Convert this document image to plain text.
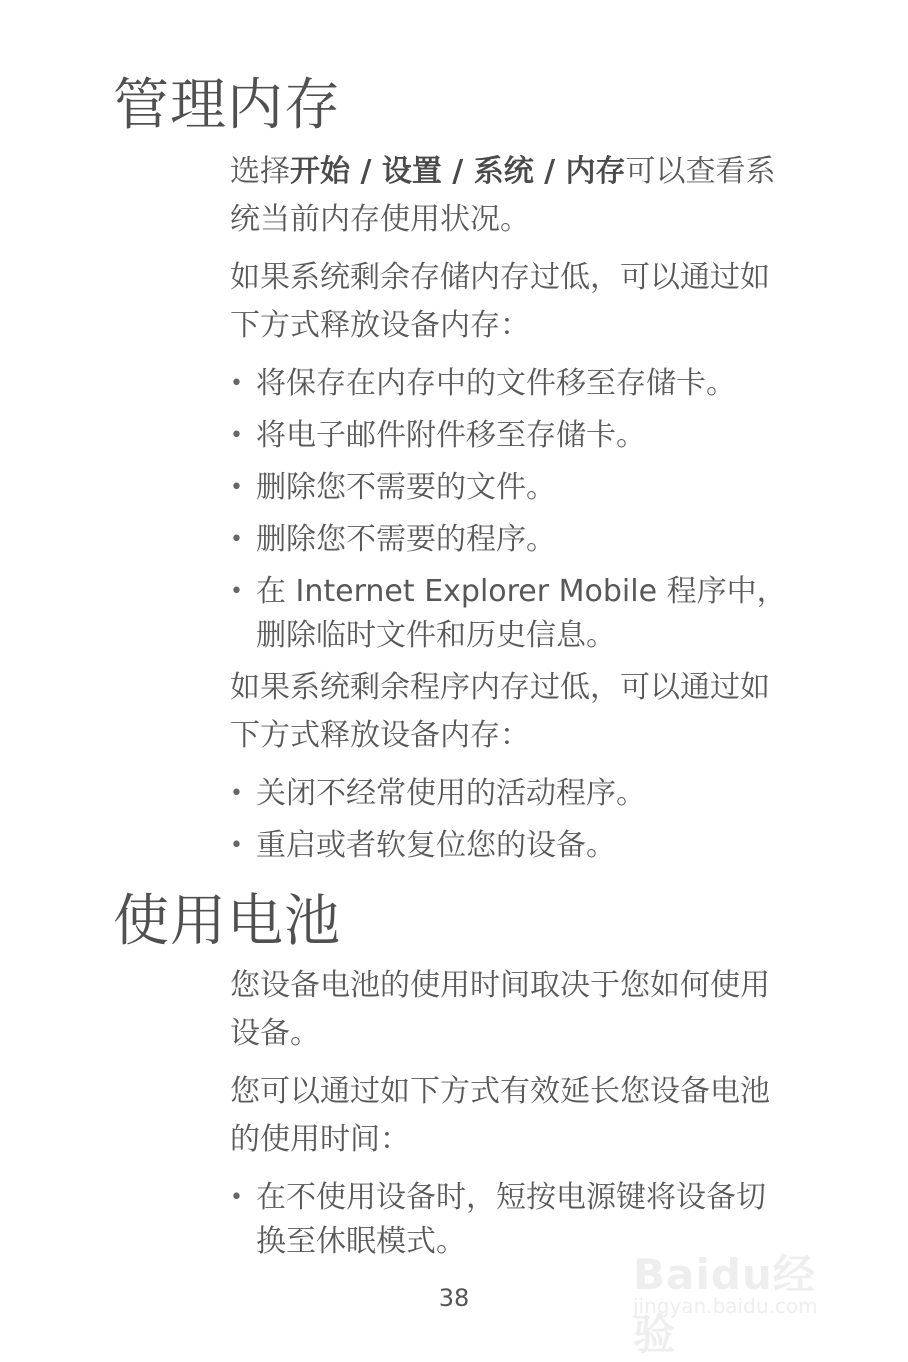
管理内存

选择开始 / 设置 / 系统 / 内存可以查看系统当前内存使用状况。

如果系统剩余存储内存过低，可以通过如下方式释放设备内存：

• 将保存在内存中的文件移至存储卡。
• 将电子邮件附件移至存储卡。
• 删除您不需要的文件。
• 删除您不需要的程序。
• 在 Internet Explorer Mobile 程序中，删除临时文件和历史信息。

如果系统剩余程序内存过低，可以通过如下方式释放设备内存：

• 关闭不经常使用的活动程序。
• 重启或者软复位您的设备。
使用电池

您设备电池的使用时间取决于您如何使用设备。

您可以通过如下方式有效延长您设备电池的使用时间：

• 在不使用设备时，短按电源键将设备切换至休眠模式。
38	Baidu经验
jingyan.baidu.com
